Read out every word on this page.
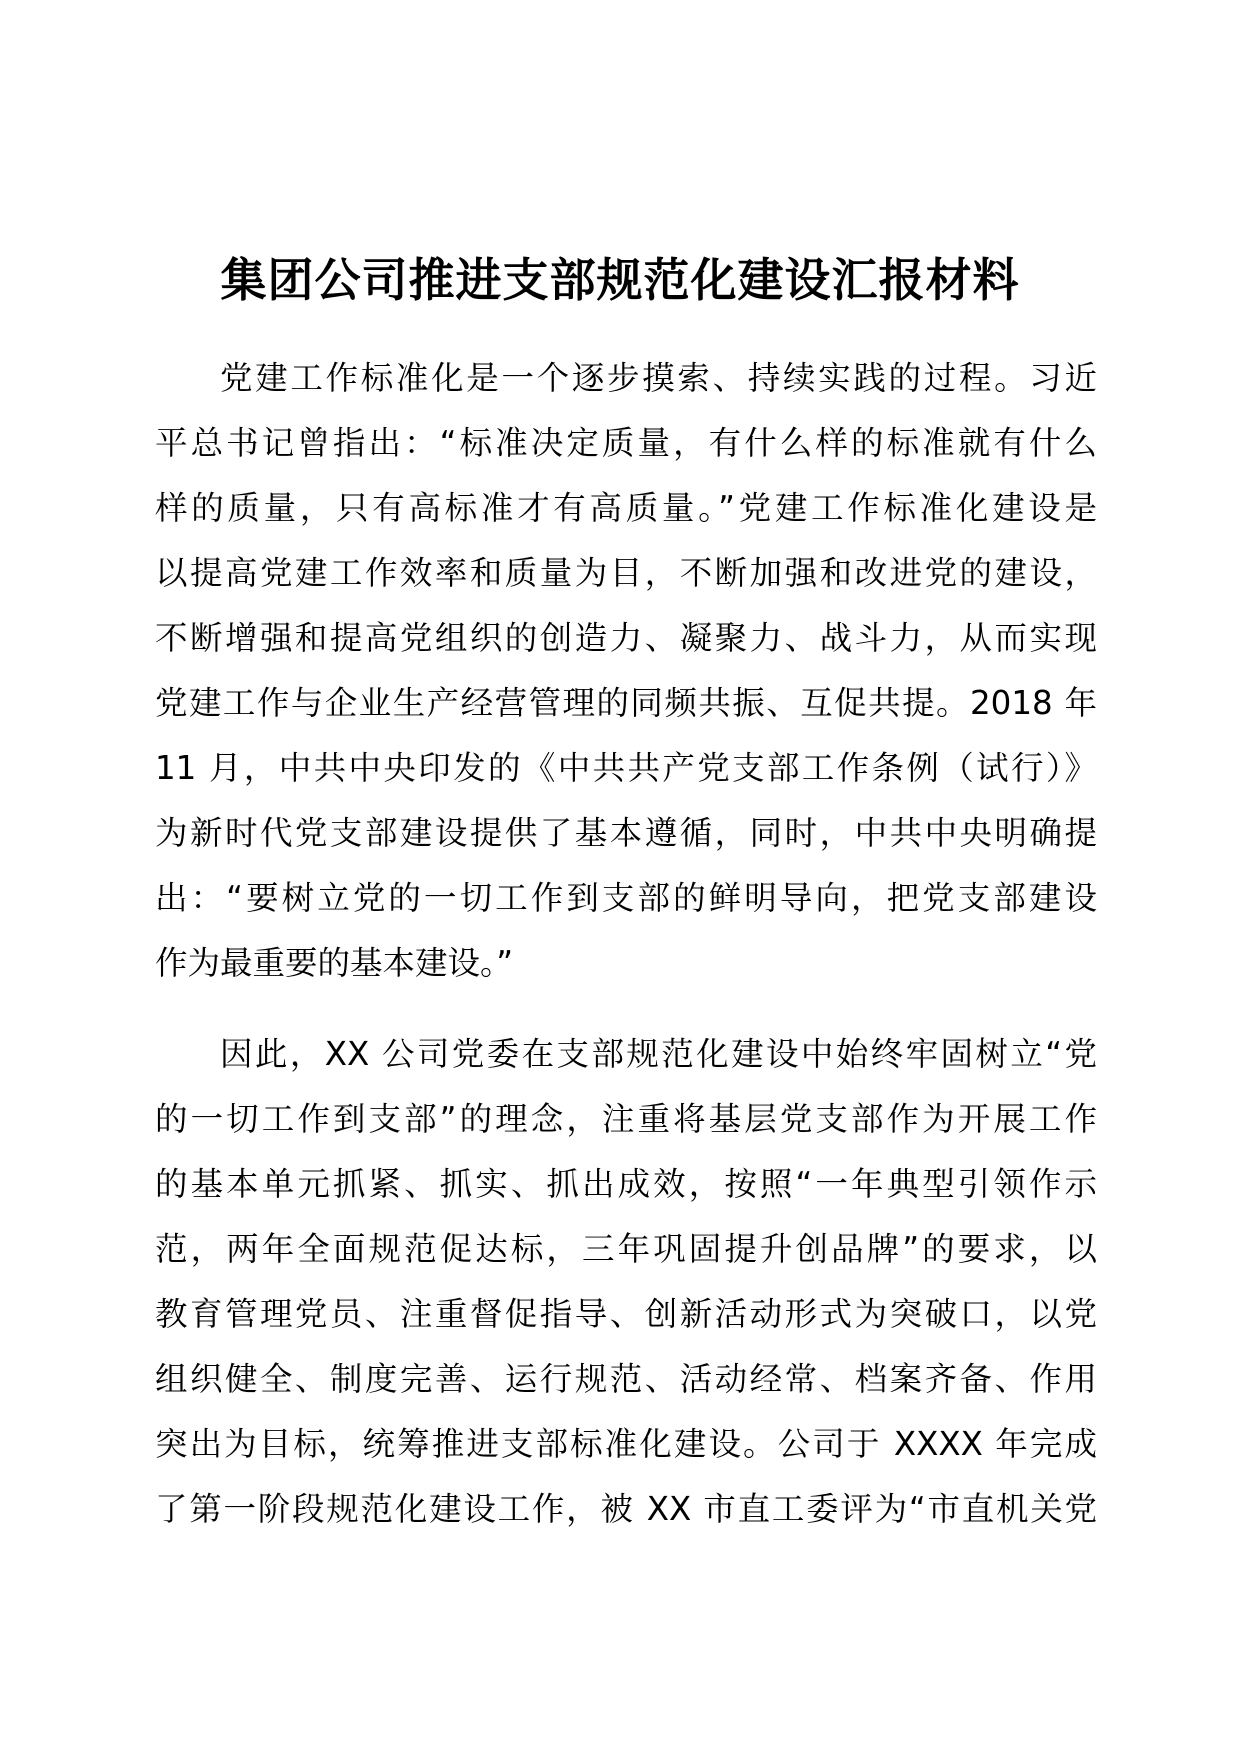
集团公司推进支部规范化建设汇报材料
党建工作标准化是一个逐步摸索、持续实践的过程。习近
平总书记曾指出：“标准决定质量，有什么样的标准就有什么
样的质量，只有高标准才有高质量。”党建工作标准化建设是
以提高党建工作效率和质量为目，不断加强和改进党的建设，
不断增强和提高党组织的创造力、凝聚力、战斗力，从而实现
党建工作与企业生产经营管理的同频共振、互促共提。2018 年
11 月，中共中央印发的《中共共产党支部工作条例（试行）》
为新时代党支部建设提供了基本遵循，同时，中共中央明确提
出：“要树立党的一切工作到支部的鲜明导向，把党支部建设
作为最重要的基本建设。”
因此，XX 公司党委在支部规范化建设中始终牢固树立“党
的一切工作到支部”的理念，注重将基层党支部作为开展工作
的基本单元抓紧、抓实、抓出成效，按照“一年典型引领作示
范，两年全面规范促达标，三年巩固提升创品牌”的要求，以
教育管理党员、注重督促指导、创新活动形式为突破口，以党
组织健全、制度完善、运行规范、活动经常、档案齐备、作用
突出为目标，统筹推进支部标准化建设。公司于 XXXX 年完成
了第一阶段规范化建设工作，被 XX 市直工委评为“市直机关党
